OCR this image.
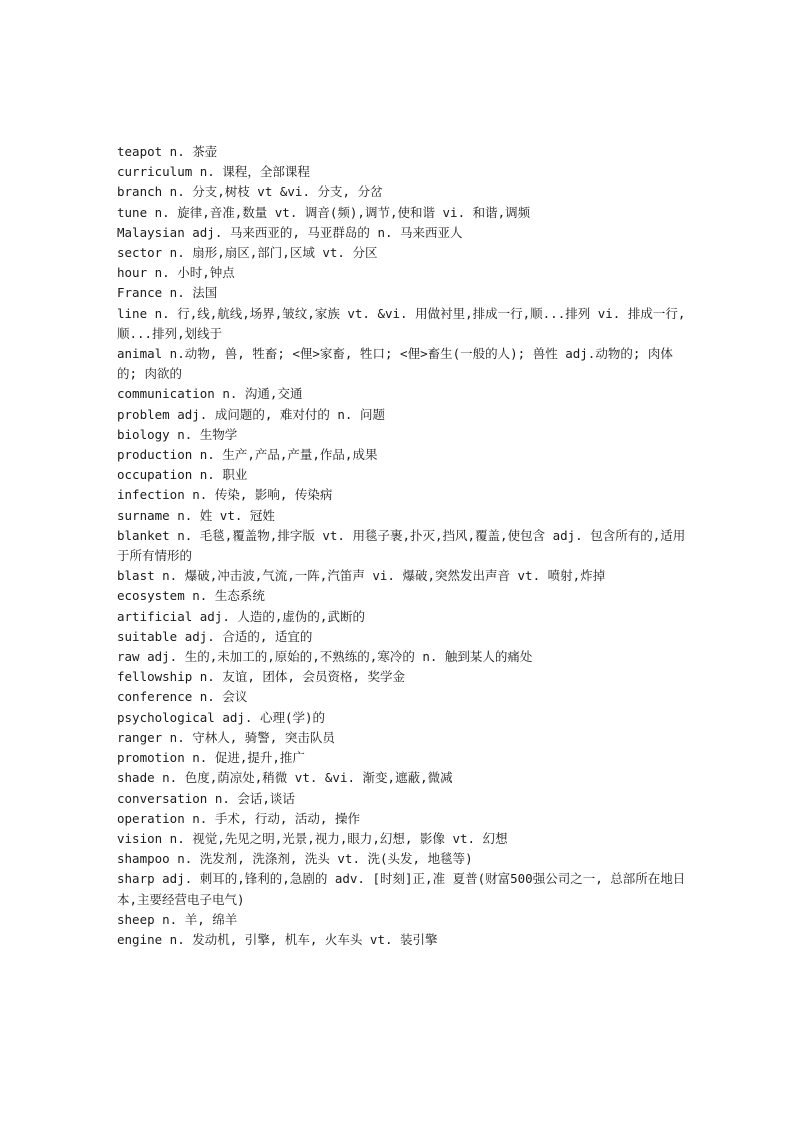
teapot n. 茶壶
curriculum n. 课程，全部课程
branch n. 分支,树枝 vt &vi. 分支, 分岔
tune n. 旋律,音准,数量 vt. 调音(频),调节,使和谐 vi. 和谐,调频
Malaysian adj. 马来西亚的, 马亚群岛的 n. 马来西亚人
sector n. 扇形,扇区,部门,区域 vt. 分区
hour n. 小时,钟点
France n. 法国
line n. 行,线,航线,场界,皱纹,家族 vt. &vi. 用做衬里,排成一行,顺...排列 vi. 排成一行,顺...排列,划线于
animal n.动物, 兽, 牲畜; <俚>家畜, 牲口; <俚>畜生(一般的人); 兽性 adj.动物的; 肉体的; 肉欲的
communication n. 沟通,交通
problem adj. 成问题的, 难对付的 n. 问题
biology n. 生物学
production n. 生产,产品,产量,作品,成果
occupation n. 职业
infection n. 传染, 影响, 传染病
surname n. 姓 vt. 冠姓
blanket n. 毛毯,覆盖物,排字版 vt. 用毯子裹,扑灭,挡风,覆盖,使包含 adj. 包含所有的,适用于所有情形的
blast n. 爆破,冲击波,气流,一阵,汽笛声 vi. 爆破,突然发出声音 vt. 喷射,炸掉
ecosystem n. 生态系统
artificial adj. 人造的,虚伪的,武断的
suitable adj. 合适的, 适宜的
raw adj. 生的,未加工的,原始的,不熟练的,寒冷的 n. 触到某人的痛处
fellowship n. 友谊, 团体, 会员资格, 奖学金
conference n. 会议
psychological adj. 心理(学)的
ranger n. 守林人, 骑警, 突击队员
promotion n. 促进,提升,推广
shade n. 色度,荫凉处,稍微 vt. &vi. 渐变,遮蔽,微减
conversation n. 会话,谈话
operation n. 手术, 行动, 活动, 操作
vision n. 视觉,先见之明,光景,视力,眼力,幻想, 影像 vt. 幻想
shampoo n. 洗发剂, 洗涤剂, 洗头 vt. 洗(头发, 地毯等)
sharp adj. 刺耳的,锋利的,急剧的 adv. [时刻]正,准 夏普(财富500强公司之一, 总部所在地日本,主要经营电子电气)
sheep n. 羊, 绵羊
engine n. 发动机, 引擎, 机车, 火车头 vt. 装引擎
